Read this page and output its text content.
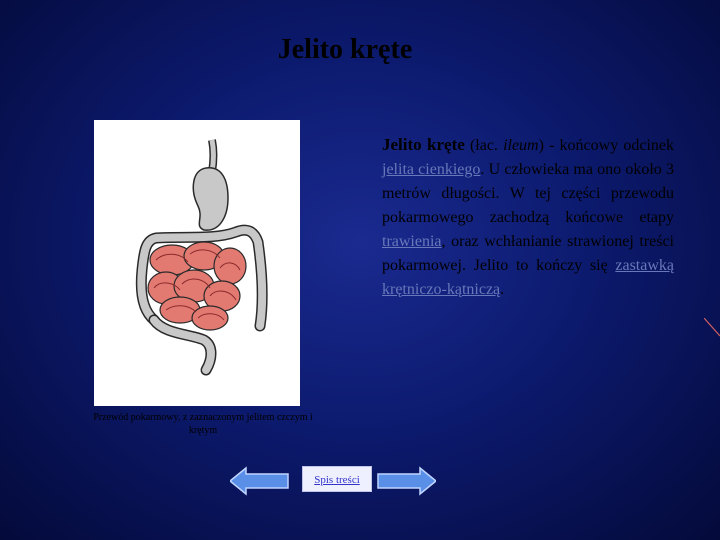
Jelito kręte
Przewód pokarmowy, z zaznaczonym jelitem czczym i krętym
Jelito kręte (łac. ileum) - końcowy odcinek jelita cienkiego. U człowieka ma ono około 3 metrów długości. W tej części przewodu pokarmowego zachodzą końcowe etapy trawienia, oraz wchłanianie strawionej treści pokarmowej. Jelito to kończy się zastawką krętniczo-kątniczą.
Spis treści
